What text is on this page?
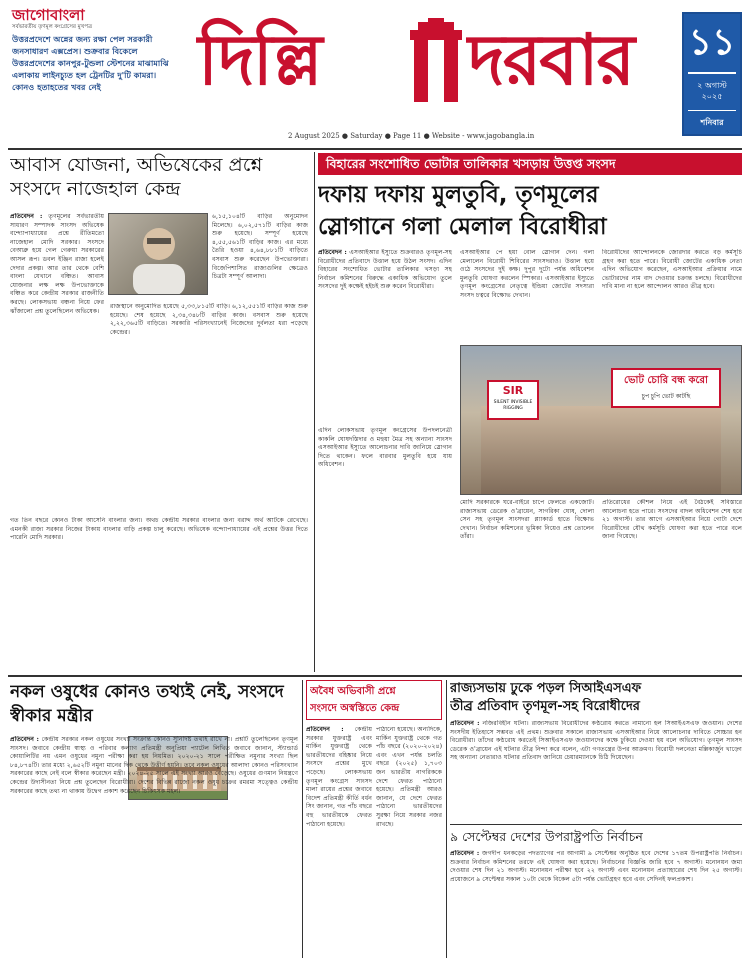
জাগোবাংলা
সর্বভারতীয় তৃণমূল কংগ্রেসের মুখপত্র
উত্তরপ্রদেশে অন্নের জন্য রক্ষা পেল সরকারী জনসাধারণ এক্সপ্রেস। শুক্রবার বিকেলে উত্তরপ্রদেশের কানপুর-টুন্ডলা স্টেশনের মাঝামাঝি এলাকায় লাইনচ্যুত হল ট্রেনটির দু'টি কামরা। কোনও হতাহতের খবর নেই	দিল্লি দরবার
2 August 2025 ● Saturday ● Page 11 ● Website - www.jagobangla.in
১১
২ অগাস্ট ২০২৫
শনিবার
আবাস যোজনা, অভিষেকের প্রশ্নে সংসদে নাজেহাল কেন্দ্র
প্রতিবেদন : তৃণমূলের সর্বভারতীয় সাধারণ সম্পাদক সাংসদ অভিষেক বন্দ্যোপাধ্যায়ের প্রশ্নে রীতিমতো নাজেহাল মোদি সরকার। সংসদে বেআব্রু হয়ে গেল গেরুয়া সরকারের আসল রূপ। ডবল ইঞ্জিন রাজ্য হলেই দেদার প্রকল্প। আর তার থেকে বেশি বাংলা যেখানে বঞ্চিত। আবাস যোজনার লক্ষ লক্ষ উপভোক্তাকে বঞ্চিত করে কেন্দ্রীয় সরকার রাজনীতি করছে। লোকসভায় বঞ্চনা নিয়ে ফের ঝাঁজালো প্রশ্ন তুলেছিলেন অভিষেক।
৬,১৫,১০৪টি বাড়ির অনুমোদন মিলেছে। ৬,০২,৫৭১টি বাড়ির কাজ শুরু হয়েছে। সম্পূর্ণ হয়েছে ৪,৫৫,৫৬১টি বাড়ির কাজ। এর মধ্যে তৈরি হওয়া ৪,৬৪,৮৮১টি বাড়িতে বসবাস শুরু করেছেন উপভোক্তারা। বিজেপিশাসিত রাজ্যগুলির ক্ষেত্রেও চিত্রটা সম্পূর্ণ আলাদা।
রাজস্থানে অনুমোদিত হয়েছে ৫,৩৩,৮১৫টি বাড়ি। ৬,১২,৫৫১টি বাড়ির কাজ শুরু হয়েছে। শেষ হয়েছে ২,৩৪,৩৪৮টি বাড়ির কাজ। বসবাস শুরু হয়েছে ২,২২,৩৬৫টি বাড়িতে। সরকারি পরিসংখ্যানেই নিজেদের দুর্বলতা ধরা পড়েছে কেন্দ্রের।
গত তিন বছরে কোনও টাকা আসেনি বাংলার জন্য। অথচ কেন্দ্রীয় সরকার বাংলার জন্য বরাদ্দ অর্থ আটকে রেখেছে। এমনকী রাজ্য সরকার নিজের টাকায় বাংলার বাড়ি প্রকল্প চালু করেছে। অভিষেক বন্দ্যোপাধ্যায়ের এই প্রশ্নের উত্তর দিতে পারেনি মোদি সরকার।
বিহারের সংশোধিত ভোটার তালিকার খসড়ায় উত্তপ্ত সংসদ
দফায় দফায় মুলতুবি, তৃণমূলের
স্লোগানে গলা মেলাল বিরোধীরা
প্রতিবেদন : এসআইআর ইস্যুতে শুক্রবারও তৃণমূল-সহ বিরোধীদের প্রতিবাদে উত্তাল হয়ে উঠল সংসদ। এদিন বিহারের সংশোধিত ভোটার তালিকার খসড়া সহ নির্বাচন কমিশনের বিরুদ্ধে একাধিক অভিযোগ তুলে সংসদের দুই কক্ষেই হইচই শুরু করেন বিরোধীরা।
এসআইআর পে হয়া বোল স্লোগান দেন। গলা মেলালেন বিরোধী শিবিরের সাংসদরাও। উত্তাল হয়ে ওঠে সংসদের দুই কক্ষ। দুপুর দুটো পর্যন্ত অধিবেশন মুলতুবি ঘোষণা করলেন স্পিকার। এসআইআর ইস্যুতে তৃণমূল কংগ্রেসের নেতৃত্বে ইন্ডিয়া জোটের সদস্যরা সংসদ চত্বরে বিক্ষোভ দেখান।
বিরোধীদের আন্দোলনকে জোরদার করতে বড় কর্মসূচি গ্রহণ করা হতে পারে। বিরোধী জোটের একাধিক নেতা এদিন অভিযোগ করেছেন, এসআইআর প্রক্রিয়ার নামে ভোটারদের নাম বাদ দেওয়ার চক্রান্ত চলছে। বিরোধীদের দাবি মানা না হলে আন্দোলন আরও তীব্র হবে।
SIR
SILENT INVISIBLE RIGGING
ভোট চোরি বন্ধ করো
চুপ চুপি ভোট কাটছি
এদিন লোকসভায় তৃণমূল কংগ্রেসের উপদলনেত্রী কাকলি ঘোষদস্তিদার ও মহুয়া মৈত্র সহ অন্যান্য সাংসদ এসআইআর ইস্যুতে আলোচনার দাবি জানিয়ে স্লোগান দিতে থাকেন। ফলে বারবার মুলতুবি হয়ে যায় অধিবেশন।
মোদি সরকারকে ঘরে-বাইরে চাপে ফেলতে একজোট। রাজ্যসভায় ডেরেক ও'ব্রায়েন, সাগরিকা ঘোষ, দোলা সেন সহ তৃণমূল সাংসদরা প্ল্যাকার্ড হাতে বিক্ষোভ দেখান। নির্বাচন কমিশনের ভূমিকা নিয়েও প্রশ্ন তোলেন তাঁরা।
প্রতিরোধের কৌশল নিয়ে এই বৈঠকেই সবিস্তারে আলোচনা হতে পারে। সংসদের বাদল অধিবেশন শেষ হবে ২১ অগাস্ট। তার আগে এসআইআর নিয়ে গোটা দেশে বিরোধীদের যৌথ কর্মসূচি ঘোষণা করা হতে পারে বলে জানা গিয়েছে।
নকল ওষুধের কোনও তথ্যই নেই, সংসদে স্বীকার মন্ত্রীর
প্রতিবেদন : কেন্দ্রীয় সরকার নকল ওষুধের সংখ্যা সংক্রান্ত কোনও সুনির্দিষ্ট তথ্যই রাখে না। প্রশ্নটি তুলেছিলেন তৃণমূল সাংসদ। জবাবে কেন্দ্রীয় স্বাস্থ্য ও পরিবার কল্যাণ প্রতিমন্ত্রী অনুপ্রিয়া প্যাটেল লিখিত জবাবে জানান, স্ট্যান্ডার্ড কোয়ালিটির নয় এমন ওষুধের নমুনা পরীক্ষা করা হয় নিয়মিত। ২০২০-২১ সালে পরীক্ষিত নমুনার সংখ্যা ছিল ৮৪,৮৭৪টি। তার মধ্যে ২,৬৫২টি নমুনা মানের দিক থেকে উত্তীর্ণ হয়নি। তবে নকল ওষুধের আলাদা কোনও পরিসংখ্যান সরকারের কাছে নেই বলে স্বীকার করেছেন মন্ত্রী। ২০২৪-২৫ সালে এই সংখ্যা আরও বেড়েছে। ওষুধের গুণমান নিয়ন্ত্রণে কেন্দ্রের উদাসীনতা নিয়ে প্রশ্ন তুলেছেন বিরোধীরা। দেশের বিভিন্ন রাজ্যে নকল ওষুধ চক্রের রমরমা সত্ত্বেও কেন্দ্রীয় সরকারের কাছে তথ্য না থাকায় উদ্বেগ প্রকাশ করেছেন চিকিৎসক মহল।
অবৈধ অভিবাসী প্রশ্নে
সংসদে অস্বস্তিতে কেন্দ্র
প্রতিবেদন : কেন্দ্রীয় সরকার যুক্তরাষ্ট্র এবং মার্কিন যুক্তরাষ্ট্র থেকে ভারতীয়দের বহিষ্কার নিয়ে সংসদে প্রশ্নের মুখে পড়েছে। লোকসভায় তৃণমূল কংগ্রেস সাংসদ মালা রায়ের প্রশ্নের জবাবে বিদেশ প্রতিমন্ত্রী কীর্তি বর্ধন সিং জানান, গত পাঁচ বছরে বহু ভারতীয়কে ফেরত পাঠানো হয়েছে।
পাঠানো হয়েছে। অন্যদিকে, মার্কিন যুক্তরাষ্ট্র থেকে গত পাঁচ বছরে (২০২০-২০২৪) এবং এখন পর্যন্ত চলতি বছরে (২০২৫) ১,৭০৩ জন ভারতীয় নাগরিককে দেশে ফেরত পাঠানো হয়েছে। প্রতিমন্ত্রী আরও জানান, যে দেশে ফেরত পাঠানো ভারতীয়দের সুরক্ষা নিয়ে সরকার নজর রাখছে।
রাজ্যসভায় ঢুকে পড়ল সিআইএসএফ
তীব্র প্রতিবাদ তৃণমূল-সহ বিরোধীদের
প্রতিবেদন : নজিরবিহীন ঘটনা। রাজ্যসভায় বিরোধীদের কণ্ঠরোধ করতে নামানো হল সিআইএসএফ জওয়ান। দেশের সংসদীয় ইতিহাসে সম্ভবত এই প্রথম। শুক্রবার সকালে রাজ্যসভায় এসআইআর নিয়ে আলোচনার দাবিতে সোচ্চার হন বিরোধীরা। তাঁদের কণ্ঠরোধ করতেই সিআইএসএফ জওয়ানদের কক্ষে ঢুকিয়ে দেওয়া হয় বলে অভিযোগ। তৃণমূল সাংসদ ডেরেক ও'ব্রায়েন এই ঘটনার তীব্র নিন্দা করে বলেন, এটা গণতন্ত্রের উপর আক্রমণ। বিরোধী দলনেতা মল্লিকার্জুন খাড়্গে সহ অন্যান্য নেতারাও ঘটনার প্রতিবাদ জানিয়ে চেয়ারম্যানকে চিঠি দিয়েছেন।
৯ সেপ্টেম্বর দেশের উপরাষ্ট্রপতি নির্বাচন
প্রতিবেদন : জগদীপ ধনকড়ের পদত্যাগের পর আগামী ৯ সেপ্টেম্বর অনুষ্ঠিত হবে দেশের ১৭তম উপরাষ্ট্রপতি নির্বাচন। শুক্রবার নির্বাচন কমিশনের তরফে এই ঘোষণা করা হয়েছে। নির্বাচনের বিজ্ঞপ্তি জারি হবে ৭ অগাস্ট। মনোনয়ন জমা দেওয়ার শেষ দিন ২১ অগাস্ট। মনোনয়ন পরীক্ষা হবে ২২ অগাস্ট এবং মনোনয়ন প্রত্যাহারের শেষ দিন ২৫ অগাস্ট। প্রয়োজনে ৯ সেপ্টেম্বর সকাল ১০টা থেকে বিকেল ৫টা পর্যন্ত ভোটগ্রহণ হবে এবং সেদিনই ফলপ্রকাশ।
